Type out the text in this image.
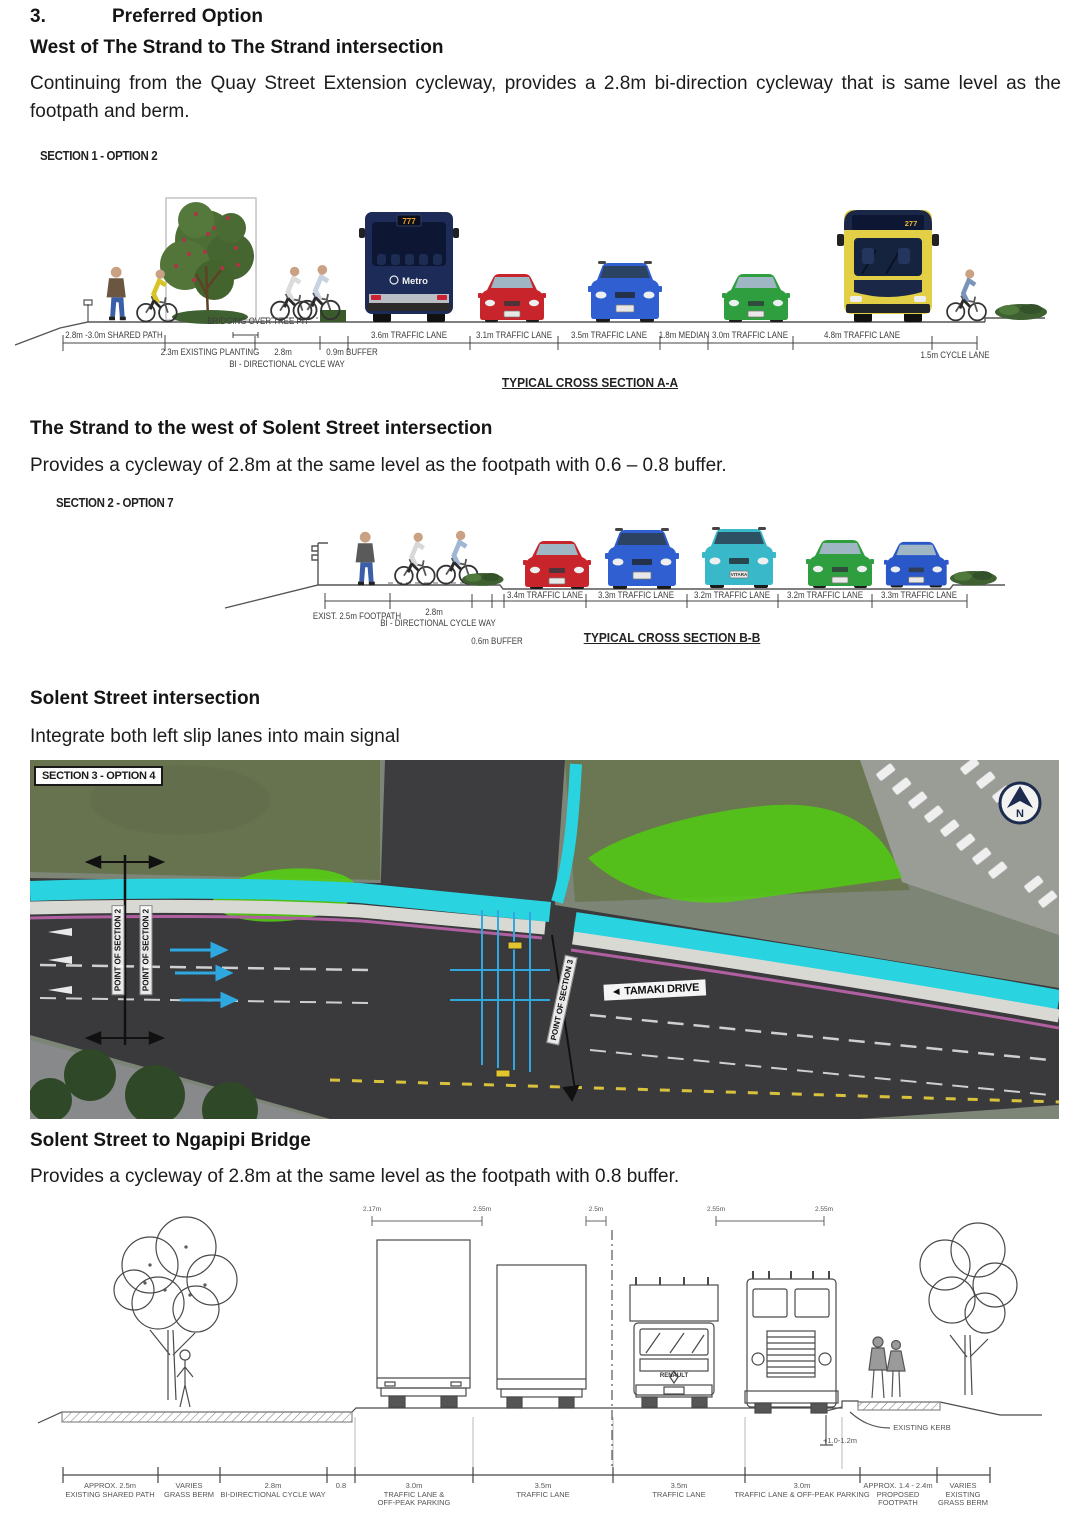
3.	Preferred Option
West of The Strand to The Strand intersection
Continuing from the Quay Street Extension cycleway, provides a 2.8m bi-direction cycleway that is same level as the footpath and berm.
SECTION 1 - OPTION 2
777
Metro
277
BRIDGING OVER TREE PIT
2.8m -3.0m SHARED PATH	3.6m TRAFFIC LANE	3.1m TRAFFIC LANE 3.5m TRAFFIC LANE 1.8m MEDIAN 3.0m TRAFFIC LANE	4.8m TRAFFIC LANE
2.3m EXISTING PLANTING 2.8m	0.9m BUFFER	1.5m CYCLE LANE
BI - DIRECTIONAL CYCLE WAY
TYPICAL CROSS SECTION A-A
The Strand to the west of Solent Street intersection
Provides a cycleway of 2.8m at the same level as the footpath with 0.6 – 0.8 buffer.
SECTION 2 - OPTION 7
VITARA
3.4m TRAFFIC LANE 3.3m TRAFFIC LANE 3.2m TRAFFIC LANE 3.2m TRAFFIC LANE 3.3m TRAFFIC LANE
EXIST. 2.5m FOOTPATH	2.8m
BI - DIRECTIONAL CYCLE WAY
0.6m BUFFER	TYPICAL CROSS SECTION B-B
Solent Street intersection
Integrate both left slip lanes into main signal
N
SECTION 3 - OPTION 4
POINT OF SECTION 2 POINT OF SECTION 2
POINT OF SECTION 3	◄ TAMAKI DRIVE
Solent Street to Ngapipi Bridge
Provides a cycleway of 2.8m at the same level as the footpath with 0.8 buffer.
RENAULT
2.17m	2.55m	2.5m	2.55m	2.55m
EXISTING KERB
+1.0-1.2m
APPROX. 2.5m
EXISTING SHARED PATH
VARIES
GRASS BERM
2.8m
BI-DIRECTIONAL CYCLE WAY
0.8	3.0m
TRAFFIC LANE &
OFF-PEAK PARKING
3.5m
TRAFFIC LANE
3.5m
TRAFFIC LANE
3.0m
TRAFFIC LANE & OFF-PEAK PARKING
APPROX. 1.4 - 2.4m
PROPOSED
FOOTPATH
VARIES
EXISTING
GRASS BERM
